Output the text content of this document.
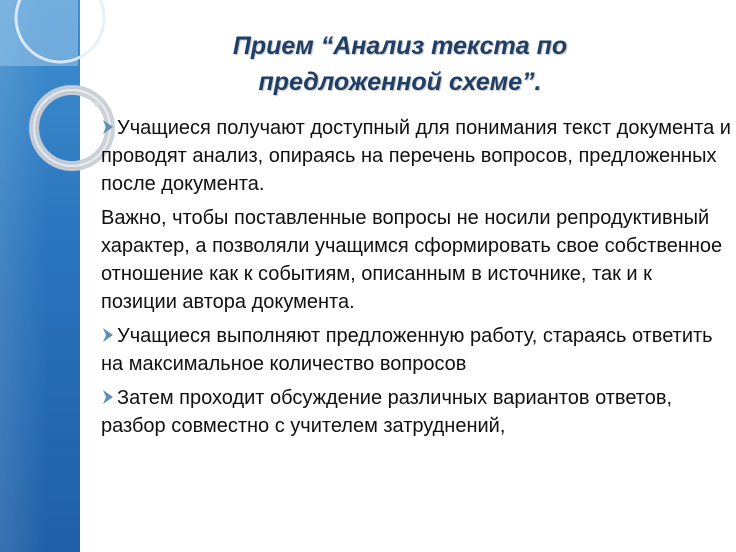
Прием “Анализ текста по
предложенной схеме”.

Учащиеся получают доступный для понимания текст документа и проводят анализ, опираясь на перечень вопросов, предложенных после документа.

Важно, чтобы поставленные вопросы не носили репродуктивный характер, а позволяли учащимся сформировать свое собственное отношение как к событиям, описанным в источнике, так и к позиции автора документа.

Учащиеся выполняют предложенную работу, стараясь ответить на максимальное количество вопросов

Затем проходит обсуждение различных вариантов ответов, разбор совместно с учителем затруднений,
